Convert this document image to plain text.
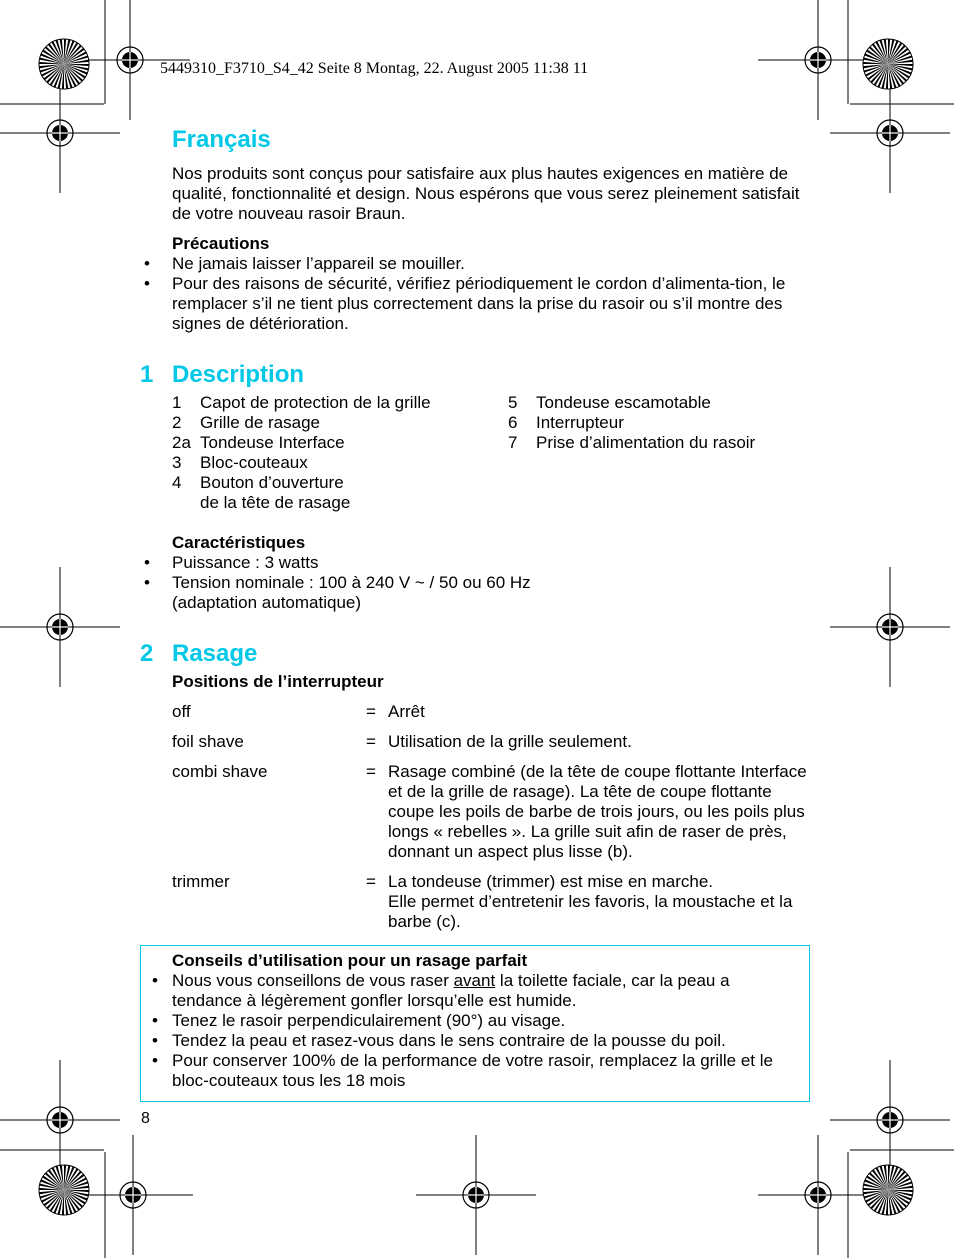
5449310_F3710_S4_42 Seite 8 Montag, 22. August 2005 11:38 11
Français
Nos produits sont conçus pour satisfaire aux plus hautes exigences en matière de qualité, fonctionnalité et design. Nous espérons que vous serez pleinement satisfait de votre nouveau rasoir Braun.
Précautions
• Ne jamais laisser l’appareil se mouiller.
• Pour des raisons de sécurité, vérifiez périodiquement le cordon d’alimenta-tion, le remplacer s’il ne tient plus correctement dans la prise du rasoir ou s’il montre des signes de détérioration.
1 Description
1	Capot de protection de la grille
2	Grille de rasage
2a Tondeuse Interface
3	Bloc-couteaux
4	Bouton d’ouverture
de la tête de rasage
5	Tondeuse escamotable
6	Interrupteur
7	Prise d’alimentation du rasoir
Caractéristiques
• Puissance : 3 watts
• Tension nominale : 100 à 240 V ~ / 50 ou 60 Hz
(adaptation automatique)
2 Rasage
Positions de l’interrupteur
off	= Arrêt
foil shave	= Utilisation de la grille seulement.
combi shave	= Rasage combiné (de la tête de coupe flottante Interface et de la grille de rasage). La tête de coupe flottante coupe les poils de barbe de trois jours, ou les poils plus longs « rebelles ». La grille suit afin de raser de près, donnant un aspect plus lisse (b).
trimmer	= La tondeuse (trimmer) est mise en marche.
Elle permet d’entretenir les favoris, la moustache et la barbe (c).
Conseils d’utilisation pour un rasage parfait
• Nous vous conseillons de vous raser avant la toilette faciale, car la peau a tendance à légèrement gonfler lorsqu’elle est humide.
• Tenez le rasoir perpendiculairement (90°) au visage.
• Tendez la peau et rasez-vous dans le sens contraire de la pousse du poil.
• Pour conserver 100% de la performance de votre rasoir, remplacez la grille et le bloc-couteaux tous les 18 mois
8
